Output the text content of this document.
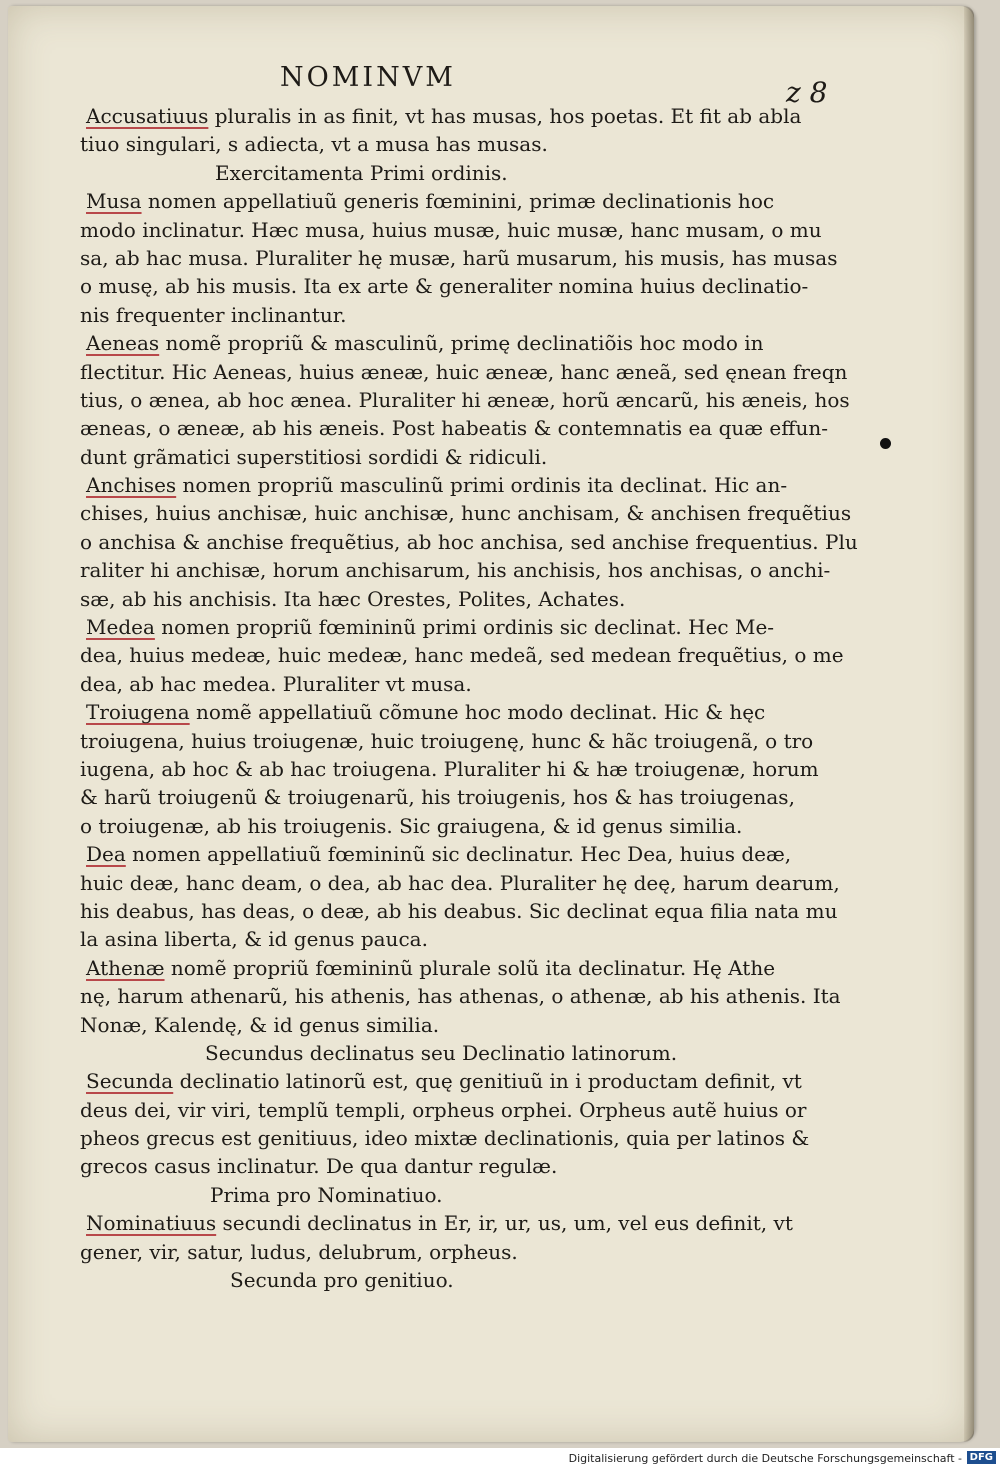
NOMINVM	z 8
Accusatiuus pluralis in as finit, vt has musas, hos poetas. Et fit ab abla
tiuo singulari, s adiecta, vt a musa has musas.
Exercitamenta Primi ordinis.
Musa nomen appellatiuũ generis fœminini, primæ declinationis hoc
modo inclinatur. Hæc musa, huius musæ, huic musæ, hanc musam, o mu
sa, ab hac musa. Pluraliter hę musæ, harũ musarum, his musis, has musas
o musę, ab his musis. Ita ex arte & generaliter nomina huius declinatio-
nis frequenter inclinantur.
Aeneas nomẽ propriũ & masculinũ, primę declinatiõis hoc modo in
flectitur. Hic Aeneas, huius æneæ, huic æneæ, hanc æneã, sed ęnean freqn
tius, o ænea, ab hoc ænea. Pluraliter hi æneæ, horũ æncarũ, his æneis, hos
æneas, o æneæ, ab his æneis. Post habeatis & contemnatis ea quæ effun-
dunt grãmatici superstitiosi sordidi & ridiculi.
Anchises nomen propriũ masculinũ primi ordinis ita declinat. Hic an-
chises, huius anchisæ, huic anchisæ, hunc anchisam, & anchisen frequẽtius
o anchisa & anchise frequẽtius, ab hoc anchisa, sed anchise frequentius. Plu
raliter hi anchisæ, horum anchisarum, his anchisis, hos anchisas, o anchi-
sæ, ab his anchisis. Ita hæc Orestes, Polites, Achates.
Medea nomen propriũ fœmininũ primi ordinis sic declinat. Hec Me-
dea, huius medeæ, huic medeæ, hanc medeã, sed medean frequẽtius, o me
dea, ab hac medea. Pluraliter vt musa.
Troiugena nomẽ appellatiuũ cõmune hoc modo declinat. Hic & hęc
troiugena, huius troiugenæ, huic troiugenę, hunc & hãc troiugenã, o tro
iugena, ab hoc & ab hac troiugena. Pluraliter hi & hæ troiugenæ, horum
& harũ troiugenũ & troiugenarũ, his troiugenis, hos & has troiugenas,
o troiugenæ, ab his troiugenis. Sic graiugena, & id genus similia.
Dea nomen appellatiuũ fœmininũ sic declinatur. Hec Dea, huius deæ,
huic deæ, hanc deam, o dea, ab hac dea. Pluraliter hę deę, harum dearum,
his deabus, has deas, o deæ, ab his deabus. Sic declinat equa filia nata mu
la asina liberta, & id genus pauca.
Athenæ nomẽ propriũ fœmininũ plurale solũ ita declinatur. Hę Athe
nę, harum athenarũ, his athenis, has athenas, o athenæ, ab his athenis. Ita
Nonæ, Kalendę, & id genus similia.
Secundus declinatus seu Declinatio latinorum.
Secunda declinatio latinorũ est, quę genitiuũ in i productam definit, vt
deus dei, vir viri, templũ templi, orpheus orphei. Orpheus autẽ huius or
pheos grecus est genitiuus, ideo mixtæ declinationis, quia per latinos &
grecos casus inclinatur. De qua dantur regulæ.
Prima pro Nominatiuo.
Nominatiuus secundi declinatus in Er, ir, ur, us, um, vel eus definit, vt
gener, vir, satur, ludus, delubrum, orpheus.
Secunda pro genitiuo.
Digitalisierung gefördert durch die Deutsche Forschungsgemeinschaft - DFG
